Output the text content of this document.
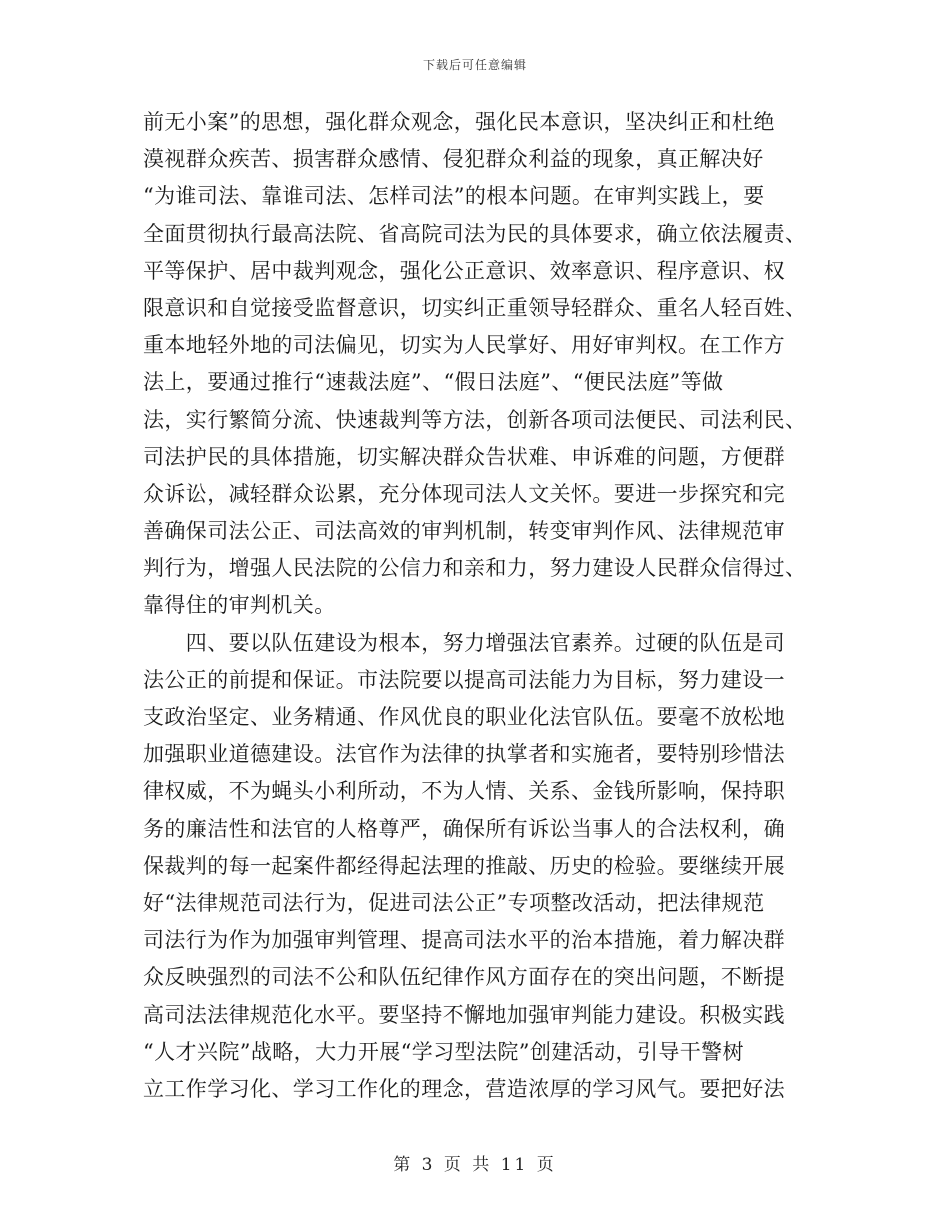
下载后可任意编辑
前无小案”的思想，强化群众观念，强化民本意识，坚决纠正和杜绝
漠视群众疾苦、损害群众感情、侵犯群众利益的现象，真正解决好
“为谁司法、靠谁司法、怎样司法”的根本问题。在审判实践上，要
全面贯彻执行最高法院、省高院司法为民的具体要求，确立依法履责、
平等保护、居中裁判观念，强化公正意识、效率意识、程序意识、权
限意识和自觉接受监督意识，切实纠正重领导轻群众、重名人轻百姓、
重本地轻外地的司法偏见，切实为人民掌好、用好审判权。在工作方
法上，要通过推行“速裁法庭”、“假日法庭”、“便民法庭”等做
法，实行繁简分流、快速裁判等方法，创新各项司法便民、司法利民、
司法护民的具体措施，切实解决群众告状难、申诉难的问题，方便群
众诉讼，减轻群众讼累，充分体现司法人文关怀。要进一步探究和完
善确保司法公正、司法高效的审判机制，转变审判作风、法律规范审
判行为，增强人民法院的公信力和亲和力，努力建设人民群众信得过、
靠得住的审判机关。
　　四、要以队伍建设为根本，努力增强法官素养。过硬的队伍是司
法公正的前提和保证。市法院要以提高司法能力为目标，努力建设一
支政治坚定、业务精通、作风优良的职业化法官队伍。要毫不放松地
加强职业道德建设。法官作为法律的执掌者和实施者，要特别珍惜法
律权威，不为蝇头小利所动，不为人情、关系、金钱所影响，保持职
务的廉洁性和法官的人格尊严，确保所有诉讼当事人的合法权利，确
保裁判的每一起案件都经得起法理的推敲、历史的检验。要继续开展
好“法律规范司法行为，促进司法公正”专项整改活动，把法律规范
司法行为作为加强审判管理、提高司法水平的治本措施，着力解决群
众反映强烈的司法不公和队伍纪律作风方面存在的突出问题，不断提
高司法法律规范化水平。要坚持不懈地加强审判能力建设。积极实践
“人才兴院”战略，大力开展“学习型法院”创建活动，引导干警树
立工作学习化、学习工作化的理念，营造浓厚的学习风气。要把好法
第 3 页 共 11 页
